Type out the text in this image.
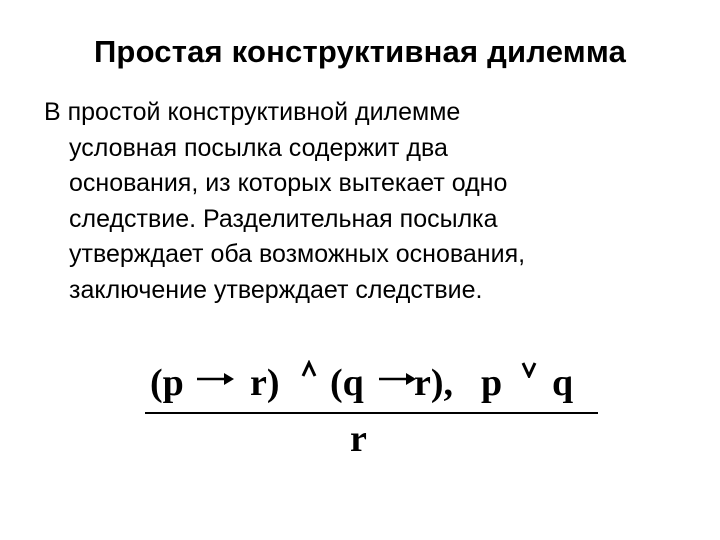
Простая конструктивная дилемма
В простой конструктивной дилемме
условная посылка содержит два
основания, из которых вытекает одно
следствие. Разделительная посылка
утверждает оба возможных основания,
заключение утверждает следствие.
(p r) (q r), p q
r
